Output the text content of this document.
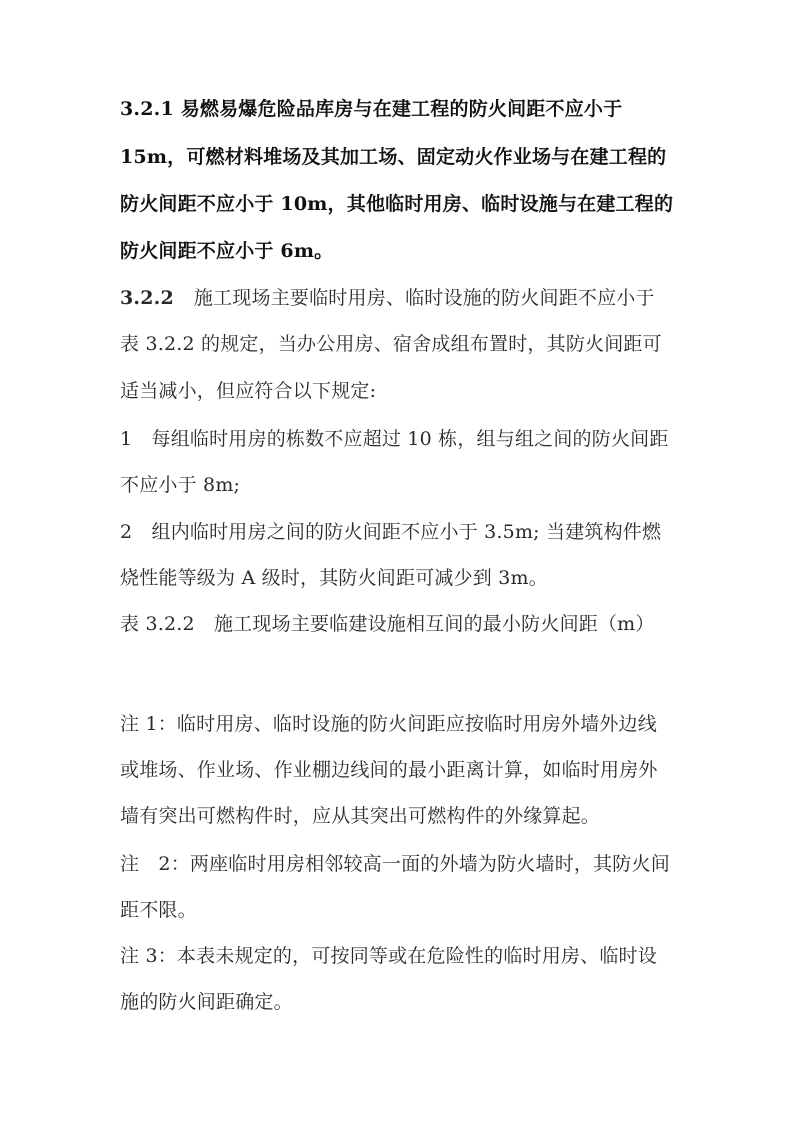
3.2.1 易燃易爆危险品库房与在建工程的防火间距不应小于
15m，可燃材料堆场及其加工场、固定动火作业场与在建工程的
防火间距不应小于 10m，其他临时用房、临时设施与在建工程的
防火间距不应小于 6m。
3.2.2 施工现场主要临时用房、临时设施的防火间距不应小于
表 3.2.2 的规定，当办公用房、宿舍成组布置时，其防火间距可
适当减小，但应符合以下规定:
1　每组临时用房的栋数不应超过 10 栋，组与组之间的防火间距
不应小于 8m;
2　组内临时用房之间的防火间距不应小于 3.5m; 当建筑构件燃
烧性能等级为 A 级时，其防火间距可减少到 3m。
表 3.2.2　施工现场主要临建设施相互间的最小防火间距（m）
注 1：临时用房、临时设施的防火间距应按临时用房外墙外边线
或堆场、作业场、作业棚边线间的最小距离计算，如临时用房外
墙有突出可燃构件时，应从其突出可燃构件的外缘算起。
注　2：两座临时用房相邻较高一面的外墙为防火墙时，其防火间
距不限。
注 3：本表未规定的，可按同等或在危险性的临时用房、临时设
施的防火间距确定。
